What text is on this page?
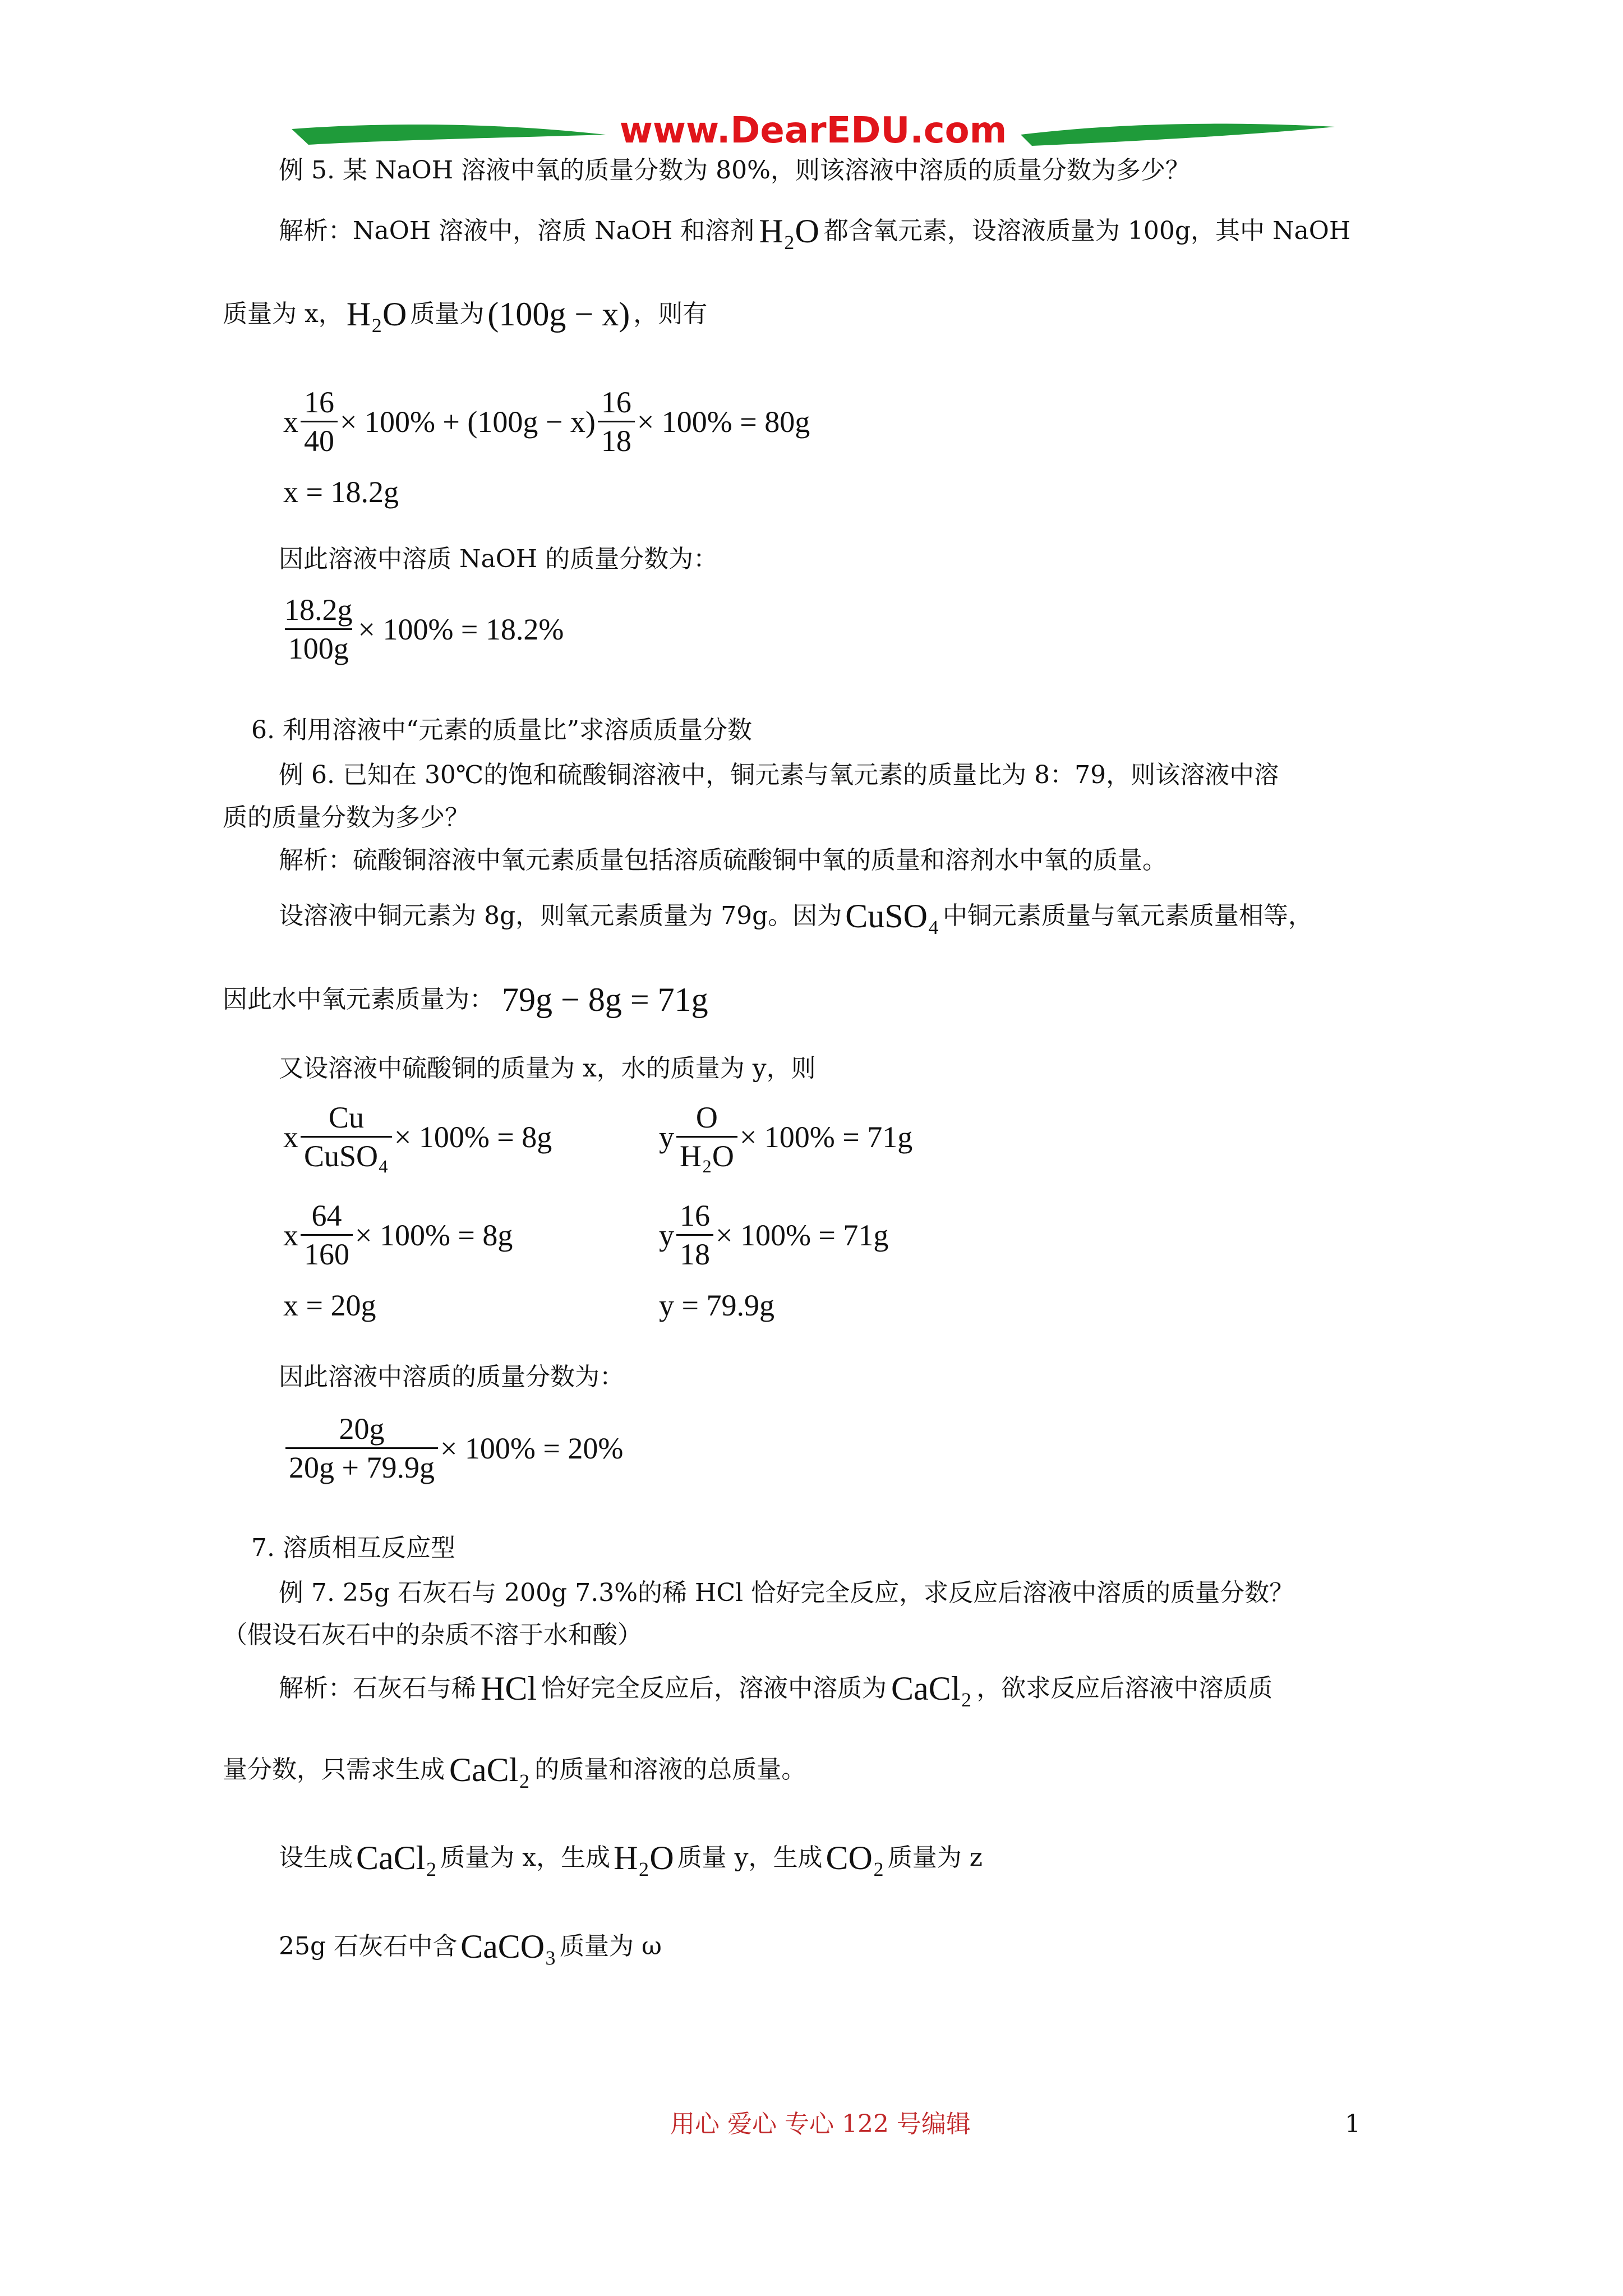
www.DearEDU.com
例 5. 某 NaOH 溶液中氧的质量分数为 80%，则该溶液中溶质的质量分数为多少？
解析：NaOH 溶液中，溶质 NaOH 和溶剂 H₂O 都含氧元素，设溶液质量为 100g，其中 NaOH
质量为 x， H₂O 质量为 (100g − x) ，则有
x $\frac{16}{40} \times 100\% + (100g - x) \frac{16}{18} \times 100\% = 80g$
x = 18.2g
因此溶液中溶质 NaOH 的质量分数为：
$\frac{18.2g}{100g} \times 100\% = 18.2\%$
6. 利用溶液中“元素的质量比”求溶质质量分数
例 6. 已知在 30℃的饱和硫酸铜溶液中，铜元素与氧元素的质量比为 8：79，则该溶液中溶
质的质量分数为多少？
解析：硫酸铜溶液中氧元素质量包括溶质硫酸铜中氧的质量和溶剂水中氧的质量。
设溶液中铜元素为 8g，则氧元素质量为 79g。因为 CuSO₄ 中铜元素质量与氧元素质量相等，
因此水中氧元素质量为： 79g − 8g = 71g
又设溶液中硫酸铜的质量为 x，水的质量为 y，则
x $\frac{Cu}{\text{CuSO₄}} \times 100\% = 8g$	y $\frac{O}{\text{H₂O}} \times 100\% = 71g$
x $\frac{64}{160} \times 100\% = 8g$	y $\frac{16}{18} \times 100\% = 71g$
x = 20g	y = 79.9g
因此溶液中溶质的质量分数为：
$\frac{20g}{20g + 79.9g} \times 100\% = 20\%$
7. 溶质相互反应型
例 7. 25g 石灰石与 200g 7.3%的稀 HCl 恰好完全反应，求反应后溶液中溶质的质量分数？
（假设石灰石中的杂质不溶于水和酸）
解析：石灰石与稀 HCl 恰好完全反应后，溶液中溶质为 CaCl₂ ，欲求反应后溶液中溶质质
量分数，只需求生成 CaCl₂ 的质量和溶液的总质量。
设生成 CaCl₂ 质量为 x，生成 H₂O 质量 y，生成 CO₂ 质量为 z
25g 石灰石中含 CaCO₃ 质量为 ω
用心 爱心 专心 122 号编辑	1
